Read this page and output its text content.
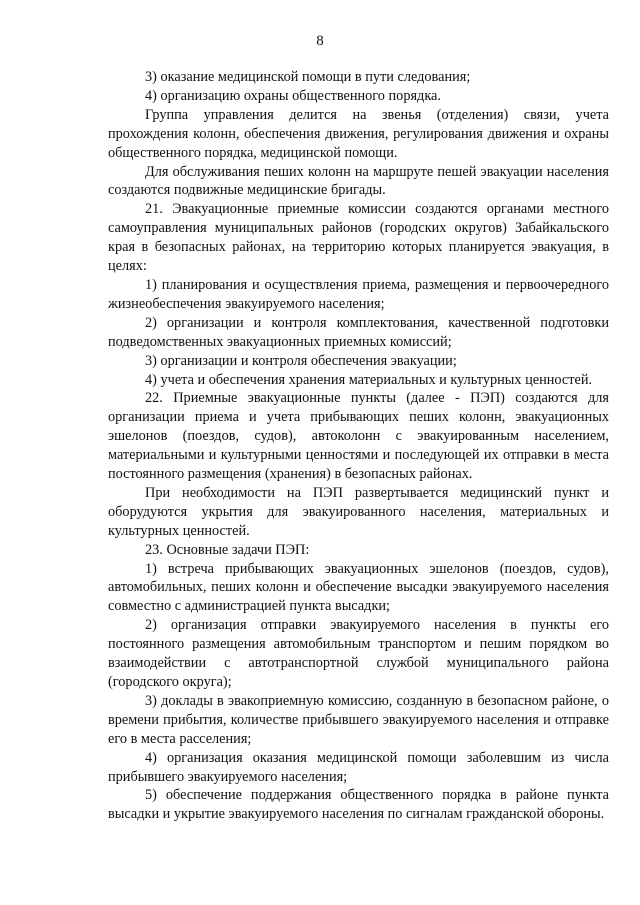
8

3) оказание медицинской помощи в пути следования;

4) организацию охраны общественного порядка.

Группа управления делится на звенья (отделения) связи, учета прохождения колонн, обеспечения движения, регулирования движения и охраны общественного порядка, медицинской помощи.

Для обслуживания пеших колонн на маршруте пешей эвакуации населения создаются подвижные медицинские бригады.

21. Эвакуационные приемные комиссии создаются органами местного самоуправления муниципальных районов (городских округов) Забайкальского края в безопасных районах, на территорию которых планируется эвакуация, в целях:

1) планирования и осуществления приема, размещения и первоочередного жизнеобеспечения эвакуируемого населения;

2) организации и контроля комплектования, качественной подготовки подведомственных эвакуационных приемных комиссий;

3) организации и контроля обеспечения эвакуации;

4) учета и обеспечения хранения материальных и культурных ценностей.

22. Приемные эвакуационные пункты (далее - ПЭП) создаются для организации приема и учета прибывающих пеших колонн, эвакуационных эшелонов (поездов, судов), автоколонн с эвакуированным населением, материальными и культурными ценностями и последующей их отправки в места постоянного размещения (хранения) в безопасных районах.

При необходимости на ПЭП развертывается медицинский пункт и оборудуются укрытия для эвакуированного населения, материальных и культурных ценностей.

23. Основные задачи ПЭП:

1) встреча прибывающих эвакуационных эшелонов (поездов, судов), автомобильных, пеших колонн и обеспечение высадки эвакуируемого населения совместно с администрацией пункта высадки;

2) организация отправки эвакуируемого населения в пункты его постоянного размещения автомобильным транспортом и пешим порядком во взаимодействии с автотранспортной службой муниципального района (городского округа);

3) доклады в эвакоприемную комиссию, созданную в безопасном районе, о времени прибытия, количестве прибывшего эвакуируемого населения и отправке его в места расселения;

4) организация оказания медицинской помощи заболевшим из числа прибывшего эвакуируемого населения;

5) обеспечение поддержания общественного порядка в районе пункта высадки и укрытие эвакуируемого населения по сигналам гражданской обороны.
